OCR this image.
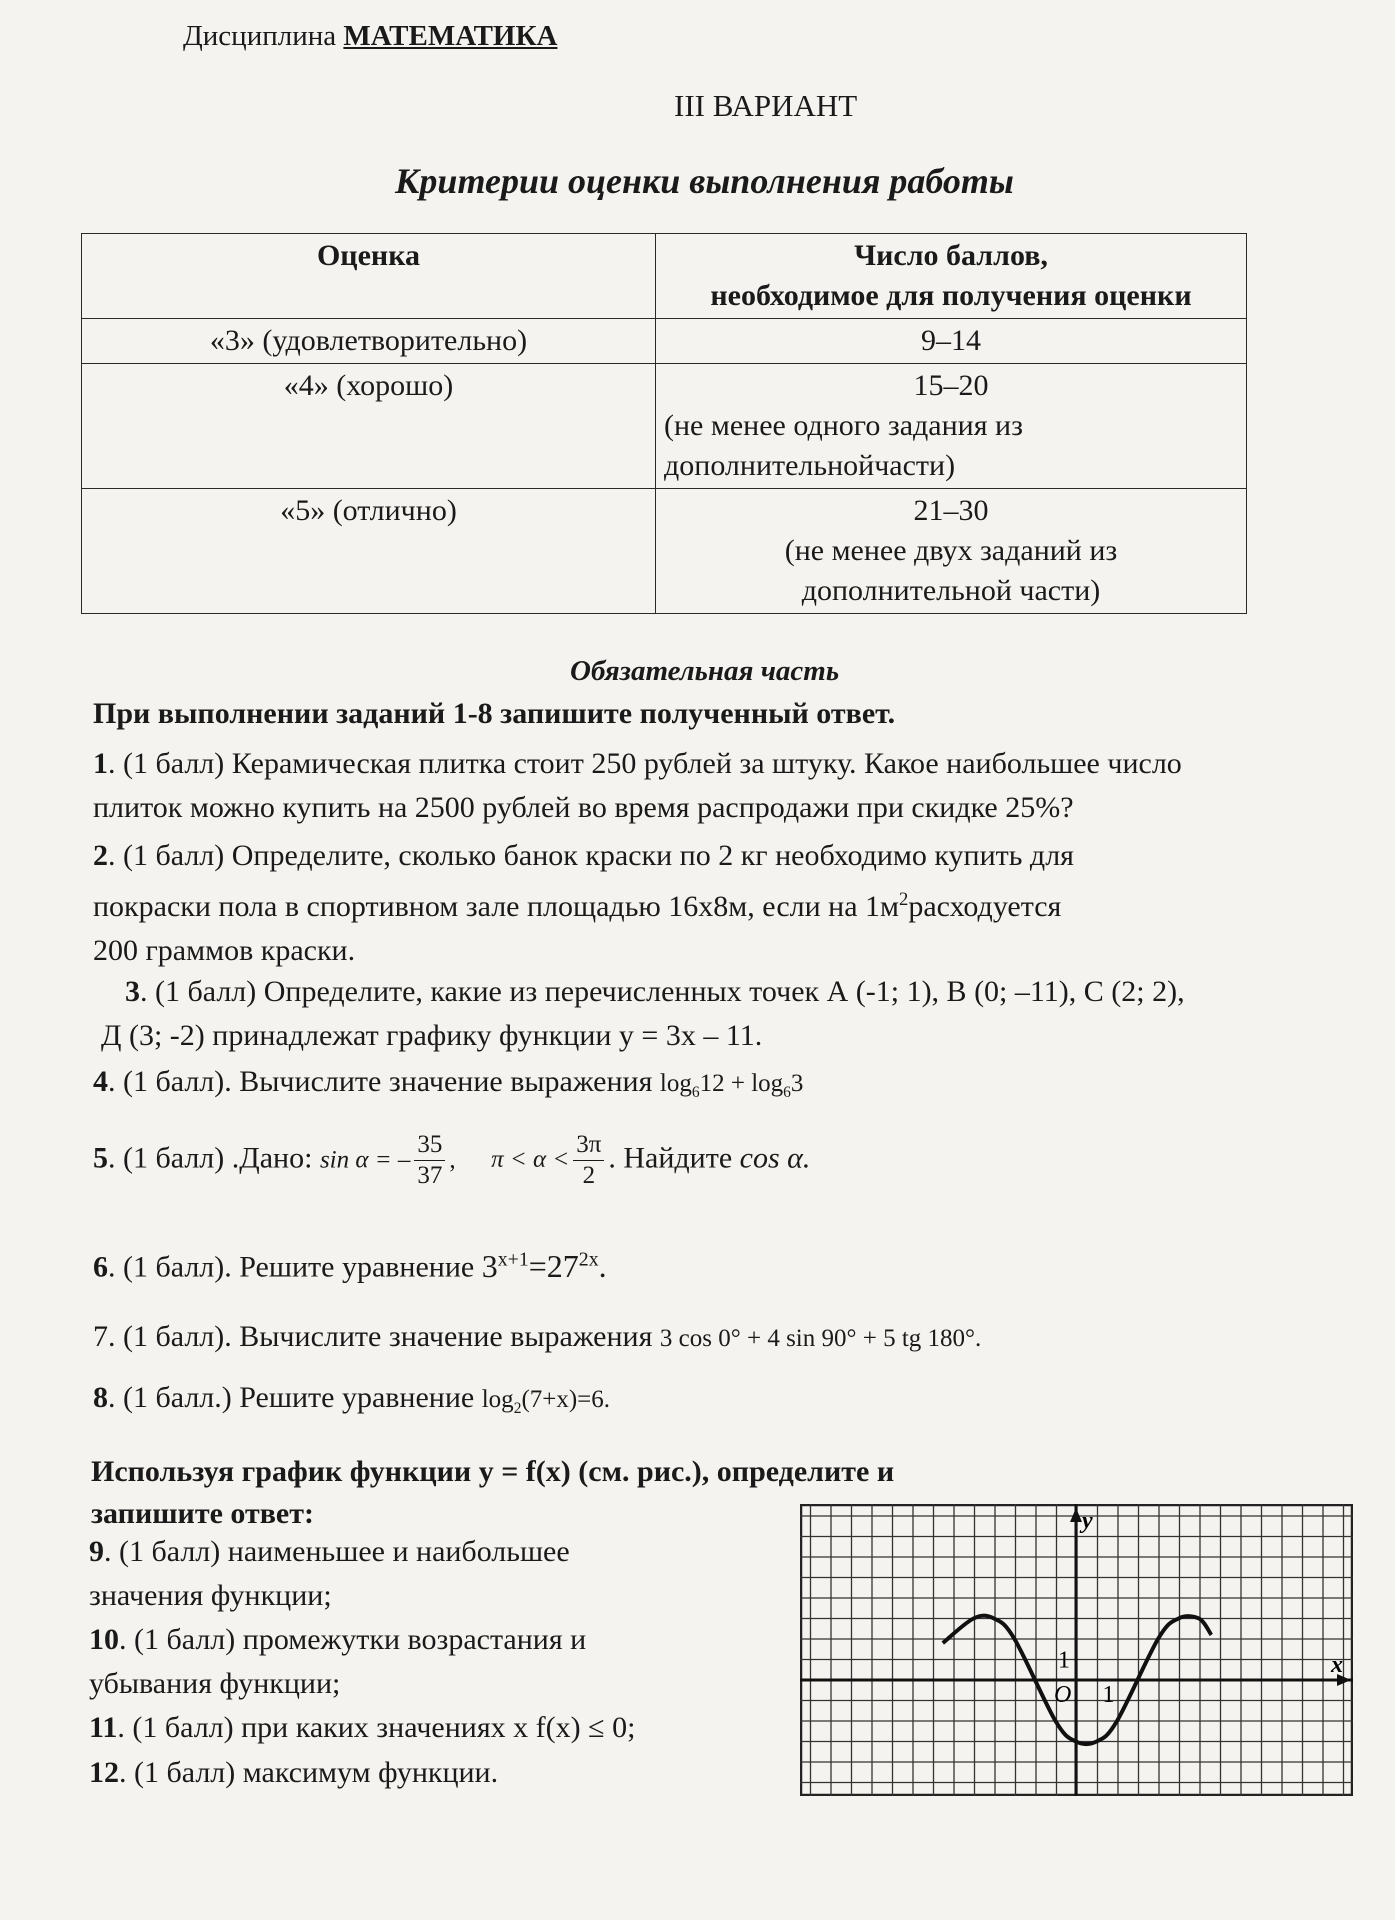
Дисциплина МАТЕМАТИКА
III ВАРИАНТ
Критерии оценки выполнения работы
Оценка	Число баллов,
необходимое для получения оценки

«3» (удовлетворительно)	9–14
«4» (хорошо)	15–20
(не менее одного задания из
дополнительнойчасти)

«5» (отлично)	21–30
(не менее двух заданий из
дополнительной части)
Обязательная часть
При выполнении заданий 1-8 запишите полученный ответ.
1. (1 балл) Керамическая плитка стоит 250 рублей за штуку. Какое наибольшее число
плиток можно купить на 2500 рублей во время распродажи при скидке 25%?
2. (1 балл) Определите, сколько банок краски по 2 кг необходимо купить для
покраски пола в спортивном зале площадью 16х8м, если на $1м^2расходуется$
200 граммов краски.
3. (1 балл) Определите, какие из перечисленных точек А (-1; 1), В (0; –11), С (2; 2),
Д (3; -2) принадлежат графику функции у = 3х – 11.
4. (1 балл). Вычислите значение выражения $\log_612 + \log_63$
5. (1 балл) .Дано: sin α = – $\frac{35}{37}$ , $\pi < \alpha < \frac{3\pi}{2}$ . Найдите cos α.
6. (1 балл). Решите уравнение $3^{x+1}=27^{2x}$.
7. (1 балл). Вычислите значение выражения 3 cos 0° + 4 sin 90° + 5 tg 180°.
8. (1 балл.) Решите уравнение $\log_2(7+х)=6$.
Используя график функции у = f(x) (см. рис.), определите и
запишите ответ:
9. (1 балл) наименьшее и наибольшее
значения функции;
10. (1 балл) промежутки возрастания и
убывания функции;
11. (1 балл) при каких значениях х f(х) ≤ 0;
12. (1 балл) максимум функции.
y
x
O 1
1
